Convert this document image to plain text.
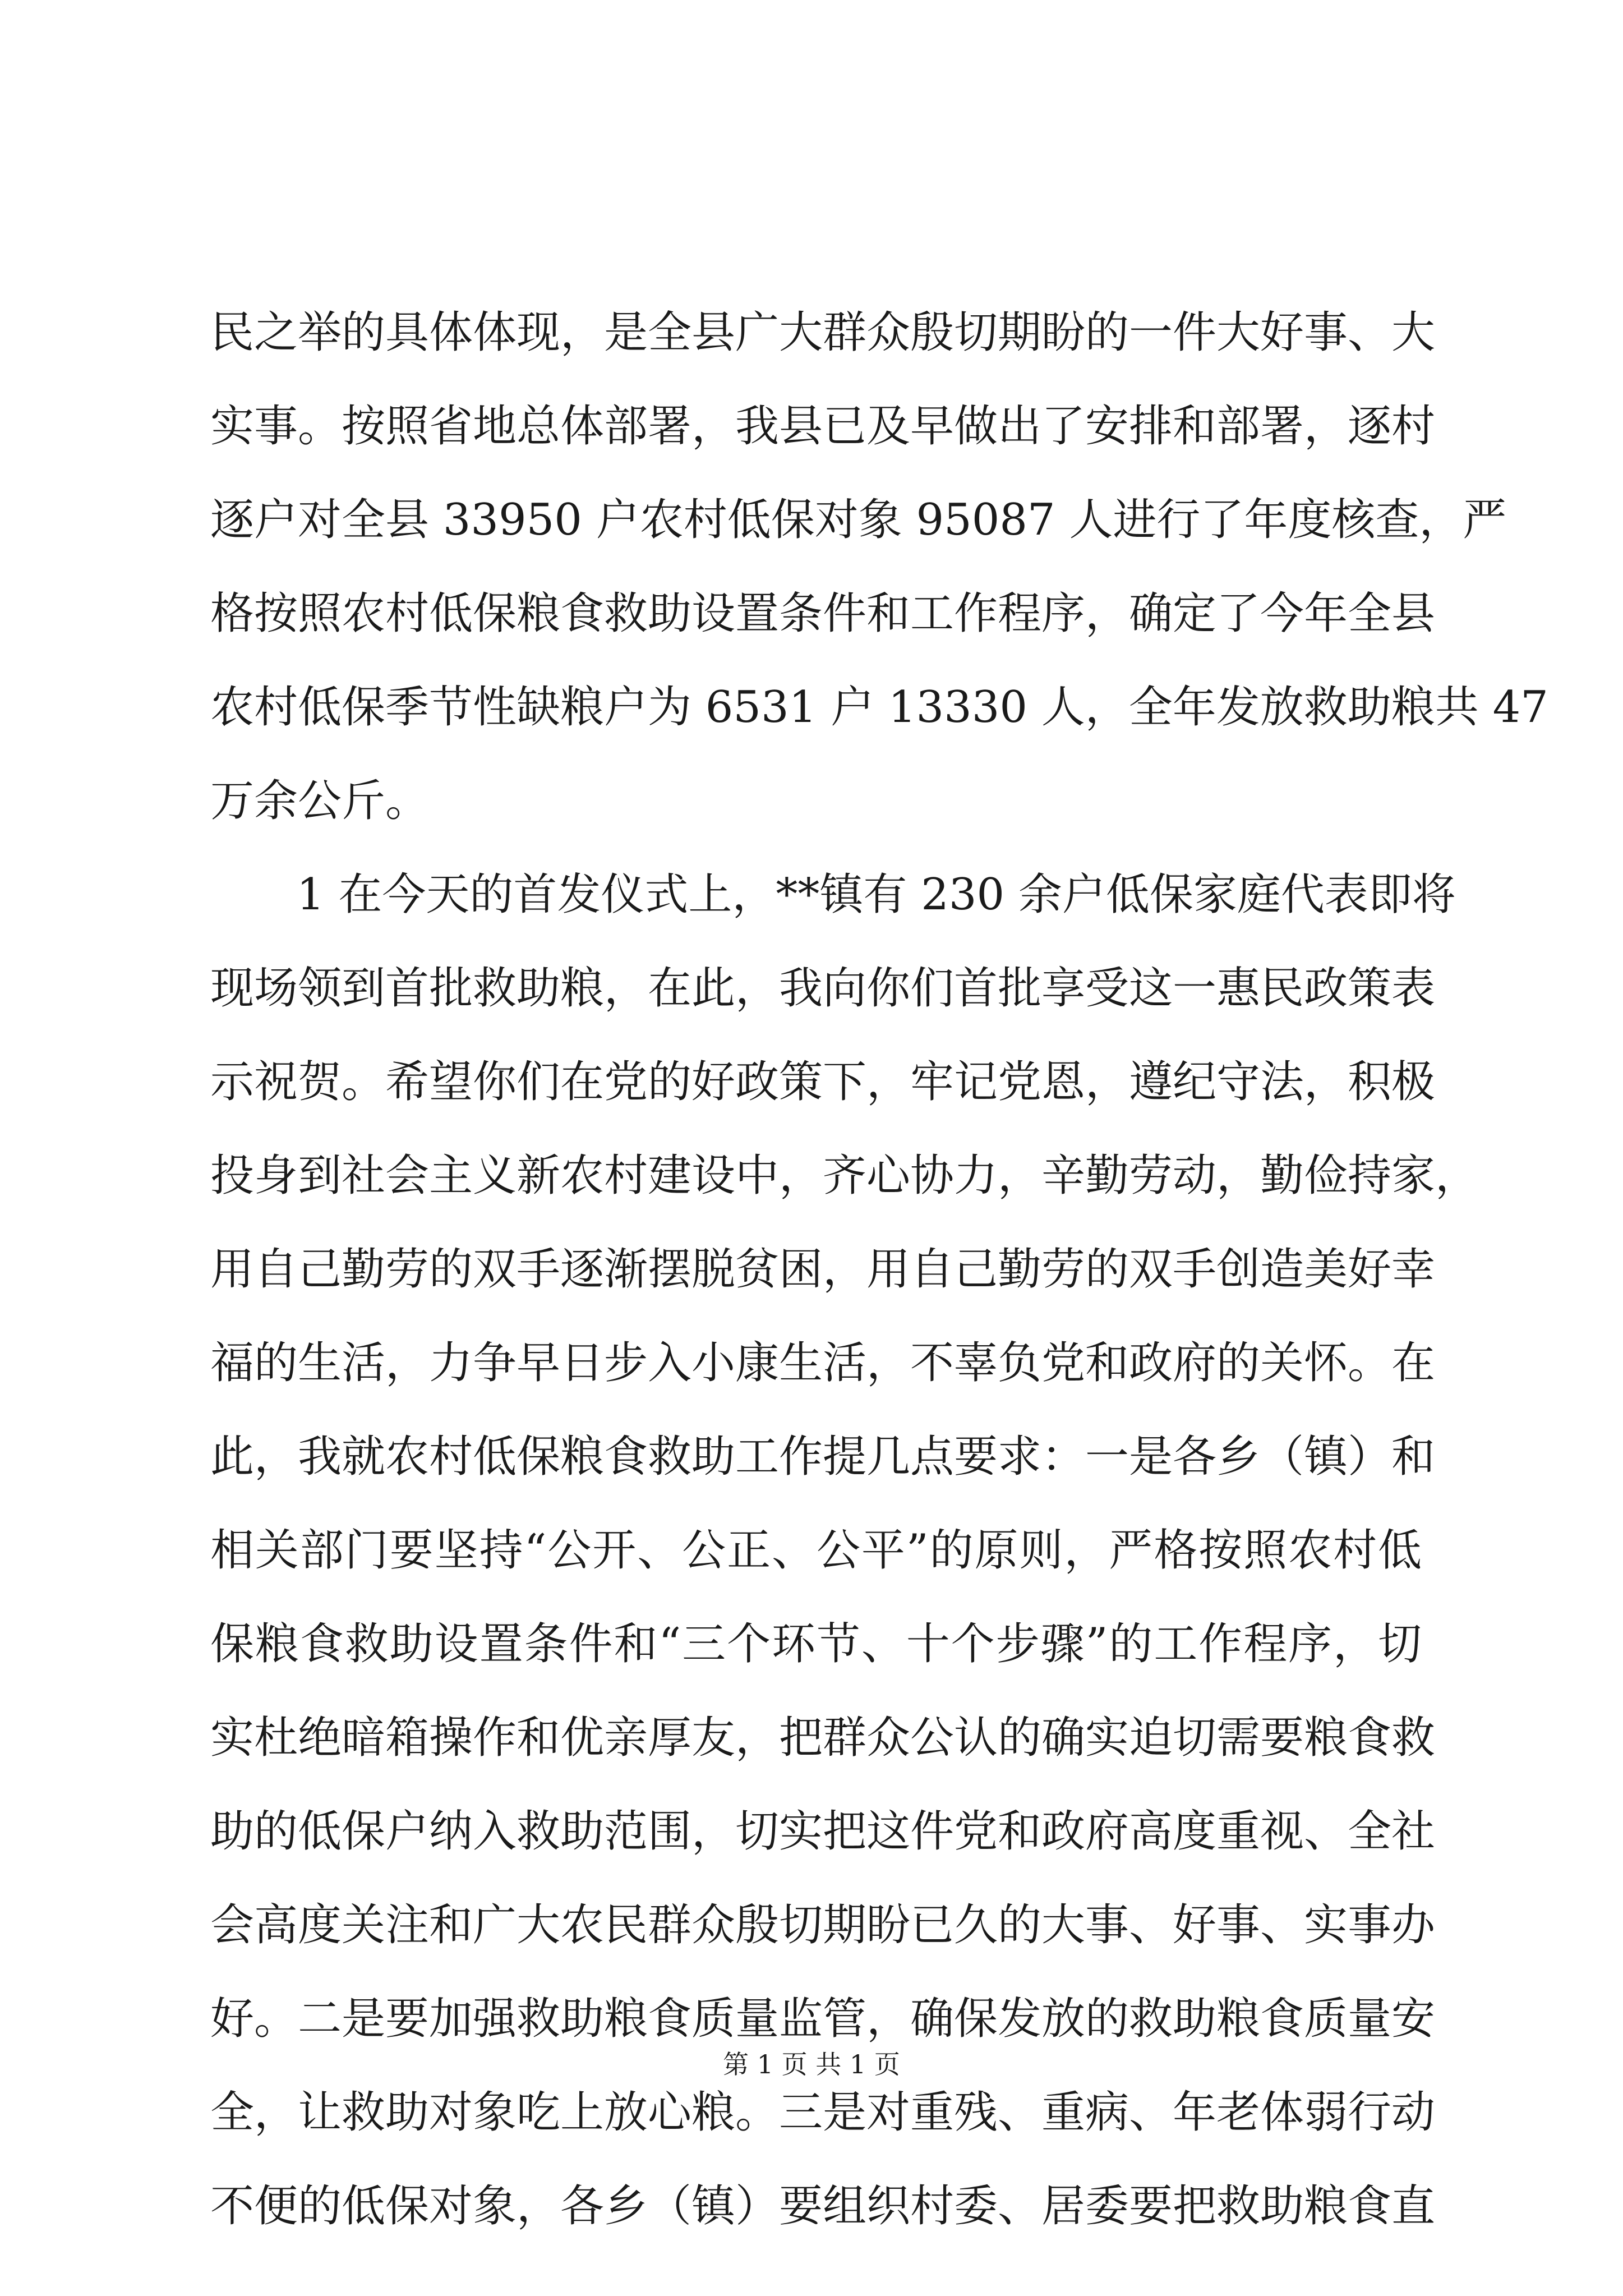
民之举的具体体现，是全县广大群众殷切期盼的一件大好事、大
实事。按照省地总体部署，我县已及早做出了安排和部署，逐村
逐户对全县 33950 户农村低保对象 95087 人进行了年度核查，严
格按照农村低保粮食救助设置条件和工作程序，确定了今年全县
农村低保季节性缺粮户为 6531 户 13330 人，全年发放救助粮共 47
万余公斤。
1 在今天的首发仪式上，**镇有 230 余户低保家庭代表即将
现场领到首批救助粮，在此，我向你们首批享受这一惠民政策表
示祝贺。希望你们在党的好政策下，牢记党恩，遵纪守法，积极
投身到社会主义新农村建设中，齐心协力，辛勤劳动，勤俭持家，
用自己勤劳的双手逐渐摆脱贫困，用自己勤劳的双手创造美好幸
福的生活，力争早日步入小康生活，不辜负党和政府的关怀。在
此，我就农村低保粮食救助工作提几点要求：一是各乡（镇）和
相关部门要坚持“公开、公正、公平”的原则，严格按照农村低
保粮食救助设置条件和“三个环节、十个步骤”的工作程序，切
实杜绝暗箱操作和优亲厚友，把群众公认的确实迫切需要粮食救
助的低保户纳入救助范围，切实把这件党和政府高度重视、全社
会高度关注和广大农民群众殷切期盼已久的大事、好事、实事办
好。二是要加强救助粮食质量监管，确保发放的救助粮食质量安
全，让救助对象吃上放心粮。三是对重残、重病、年老体弱行动
不便的低保对象，各乡（镇）要组织村委、居委要把救助粮食直
第 1 页 共 1 页
